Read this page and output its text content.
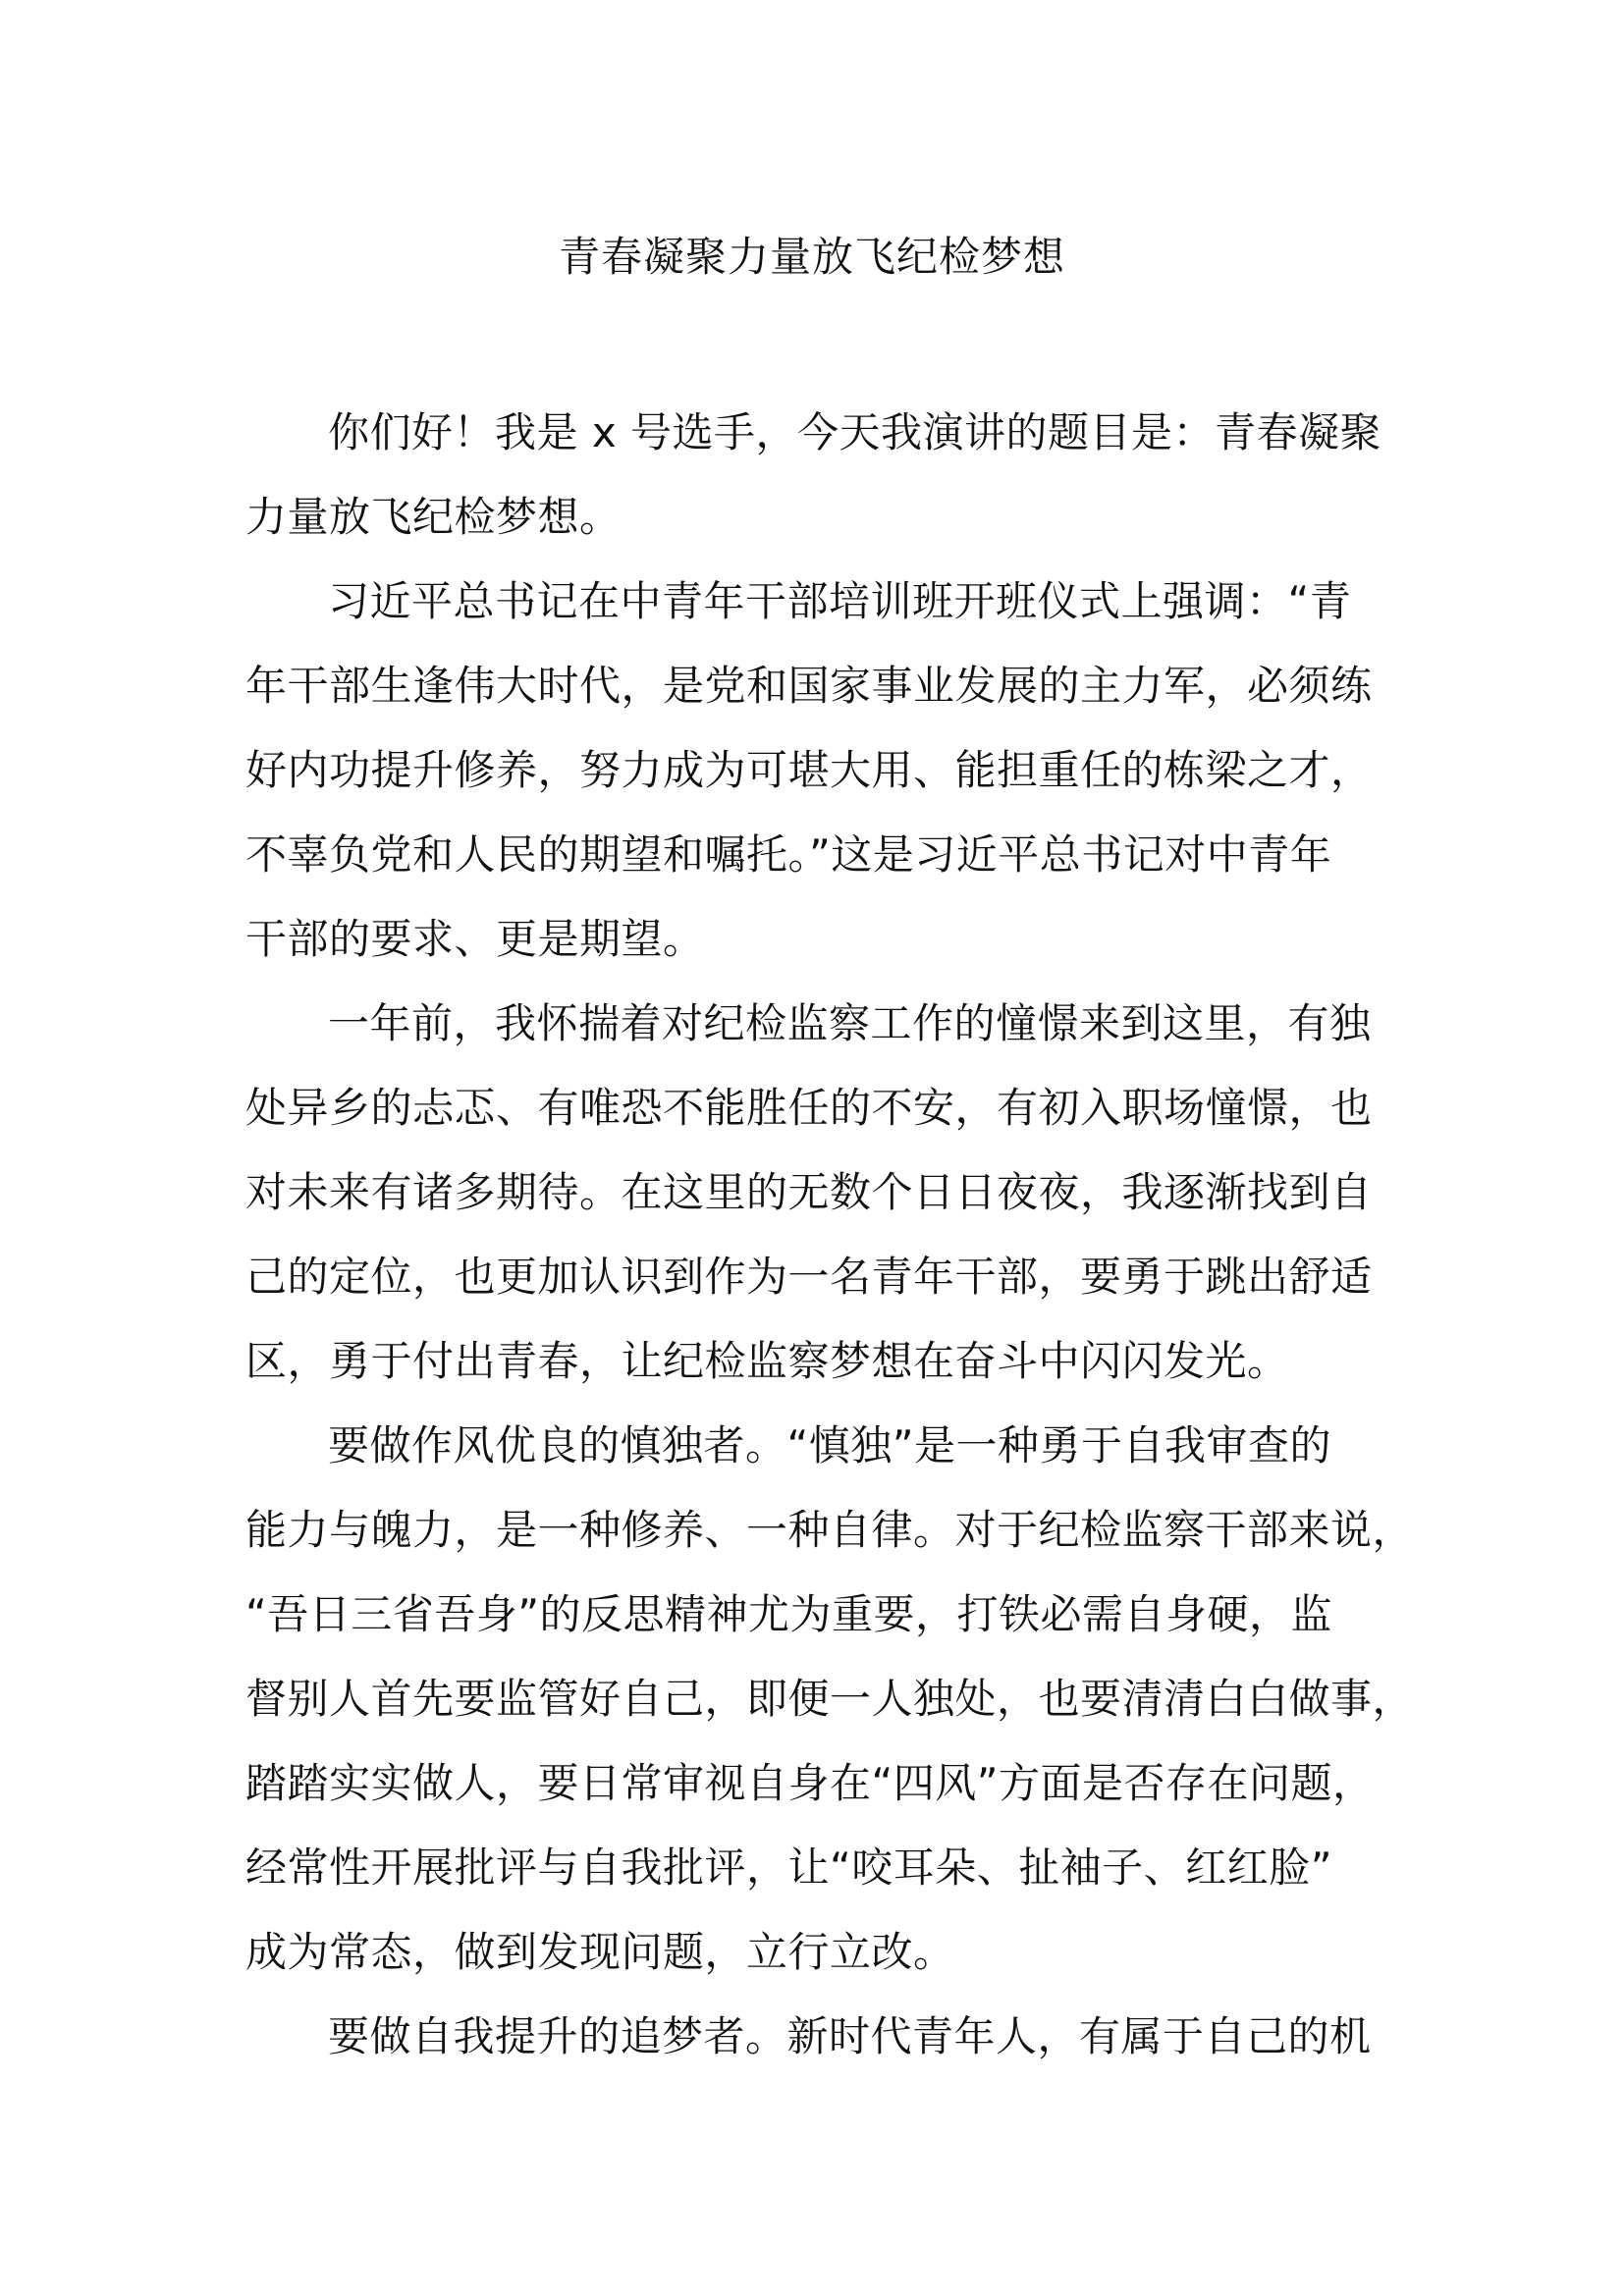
青春凝聚力量放飞纪检梦想
你们好！我是 x 号选手，今天我演讲的题目是：青春凝聚
力量放飞纪检梦想。
习近平总书记在中青年干部培训班开班仪式上强调：“青
年干部生逢伟大时代，是党和国家事业发展的主力军，必须练
好内功提升修养，努力成为可堪大用、能担重任的栋梁之才，
不辜负党和人民的期望和嘱托。”这是习近平总书记对中青年
干部的要求、更是期望。
一年前，我怀揣着对纪检监察工作的憧憬来到这里，有独
处异乡的忐忑、有唯恐不能胜任的不安，有初入职场憧憬，也
对未来有诸多期待。在这里的无数个日日夜夜，我逐渐找到自
己的定位，也更加认识到作为一名青年干部，要勇于跳出舒适
区，勇于付出青春，让纪检监察梦想在奋斗中闪闪发光。
要做作风优良的慎独者。“慎独”是一种勇于自我审查的
能力与魄力，是一种修养、一种自律。对于纪检监察干部来说，
“吾日三省吾身”的反思精神尤为重要，打铁必需自身硬，监
督别人首先要监管好自己，即便一人独处，也要清清白白做事，
踏踏实实做人，要日常审视自身在“四风”方面是否存在问题，
经常性开展批评与自我批评，让“咬耳朵、扯袖子、红红脸”
成为常态，做到发现问题，立行立改。
要做自我提升的追梦者。新时代青年人，有属于自己的机
